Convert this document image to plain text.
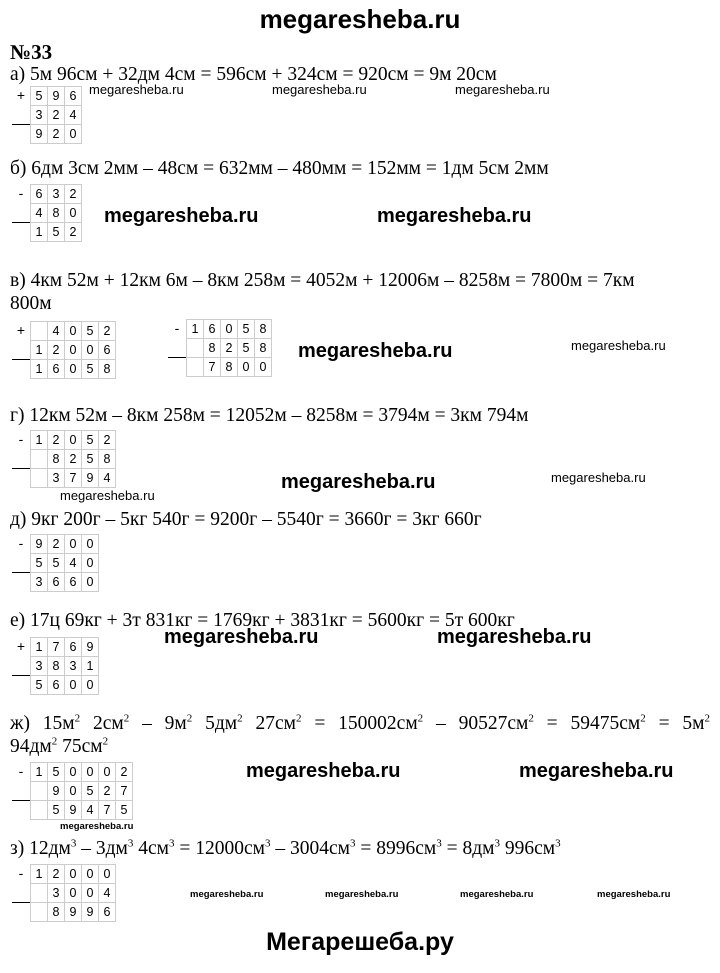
megaresheba.ru
№33
а) 5м 96см + 32дм 4см = 596см + 324см = 920см = 9м 20см
+	5	9	6
	3	2	4
	9	2	0
megaresheba.ru	megaresheba.ru	megaresheba.ru
б) 6дм 3см 2мм – 48см = 632мм – 480мм = 152мм = 1дм 5см 2мм
-	6	3	2
	4	8	0
	1	5	2
megaresheba.ru	megaresheba.ru
в) 4км 52м + 12км 6м – 8км 258м = 4052м + 12006м – 8258м = 7800м = 7км
800м
+		4	0	5	2
	1	2	0	0	6
	1	6	0	5	8
-	1	6	0	5	8
		8	2	5	8
		7	8	0	0
megaresheba.ru	megaresheba.ru
г) 12км 52м – 8км 258м = 12052м – 8258м = 3794м = 3км 794м
-	1	2	0	5	2
		8	2	5	8
		3	7	9	4	megaresheba.ru	megaresheba.ru
megaresheba.ru
д) 9кг 200г – 5кг 540г = 9200г – 5540г = 3660г = 3кг 660г
-	9	2	0	0
	5	5	4	0
	3	6	6	0
е) 17ц 69кг + 3т 831кг = 1769кг + 3831кг = 5600кг = 5т 600кг
+	1	7	6	9
	3	8	3	1
	5	6	0	0
megaresheba.ru	megaresheba.ru
ж) $15м^2$ $2см^2 - 9м^2$ $5дм^2$ $27см^2 = 150002см^2 - 90527см^2 = 59475см^2 = 5м^2$
$94дм^2$ $75см^2$
-	1	5	0	0	0	2
		9	0	5	2	7
		5	9	4	7	5
megaresheba.ru	megaresheba.ru
megaresheba.ru
з) $12дм^3 - 3дм^3$ $4см^3 = 12000см^3 - 3004см^3 = 8996см^3 = 8дм^3$ $996см^3$
-	1	2	0	0	0
		3	0	0	4
		8	9	9	6
megaresheba.ru	megaresheba.ru	megaresheba.ru	megaresheba.ru
Мегарешеба.ру
